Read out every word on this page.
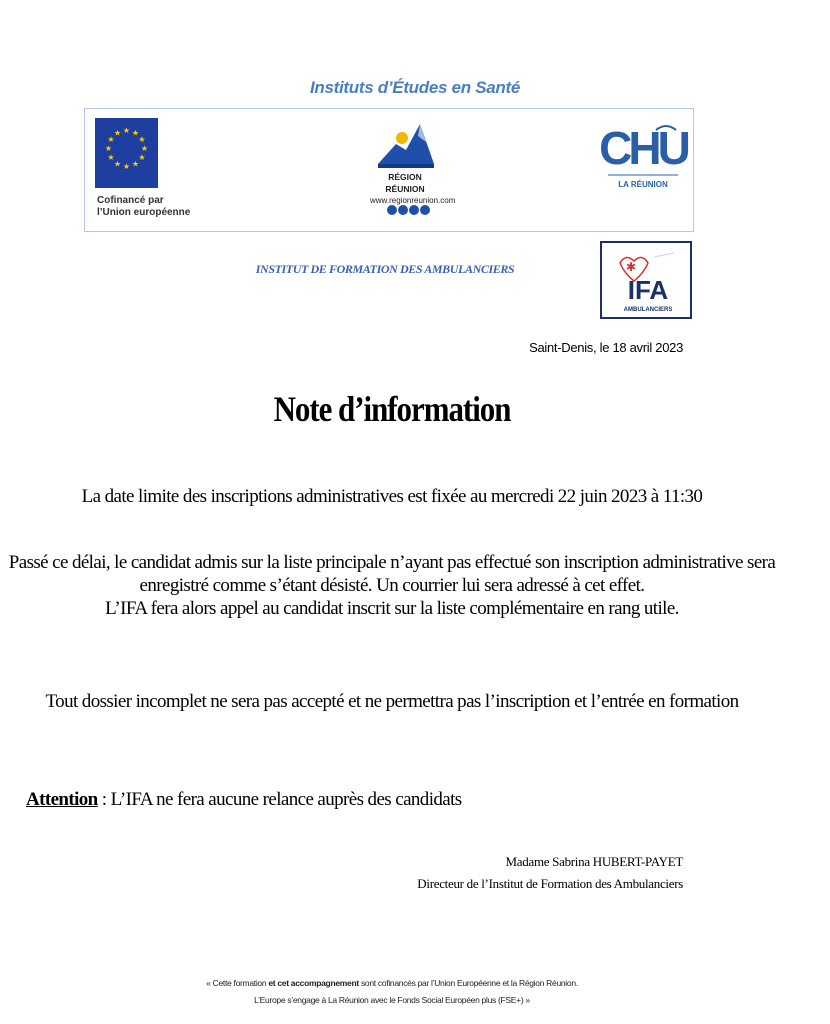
Instituts d’Études en Santé
★ ★
★
★
★
★
★
★
★
★
★
★
Cofinancé par
l’Union européenne
RÉGION RÉUNION
www.regionreunion.com
CHU
LA RÉUNION
INSTITUT DE FORMATION DES AMBULANCIERS	✱
IFA
AMBULANCIERS
Saint-Denis, le 18 avril 2023
Note d’information
La date limite des inscriptions administratives est fixée au mercredi 22 juin 2023 à 11:30
Passé ce délai, le candidat admis sur la liste principale n’ayant pas effectué son inscription administrative sera
enregistré comme s’étant désisté. Un courrier lui sera adressé à cet effet.
L’IFA fera alors appel au candidat inscrit sur la liste complémentaire en rang utile.
Tout dossier incomplet ne sera pas accepté et ne permettra pas l’inscription et l’entrée en formation
Attention : L’IFA ne fera aucune relance auprès des candidats
Madame Sabrina HUBERT-PAYET
Directeur de l’Institut de Formation des Ambulanciers
« Cette formation et cet accompagnement sont cofinancés par l’Union Européenne et la Région Réunion.
L’Europe s’engage à La Réunion avec le Fonds Social Européen plus (FSE+) »
